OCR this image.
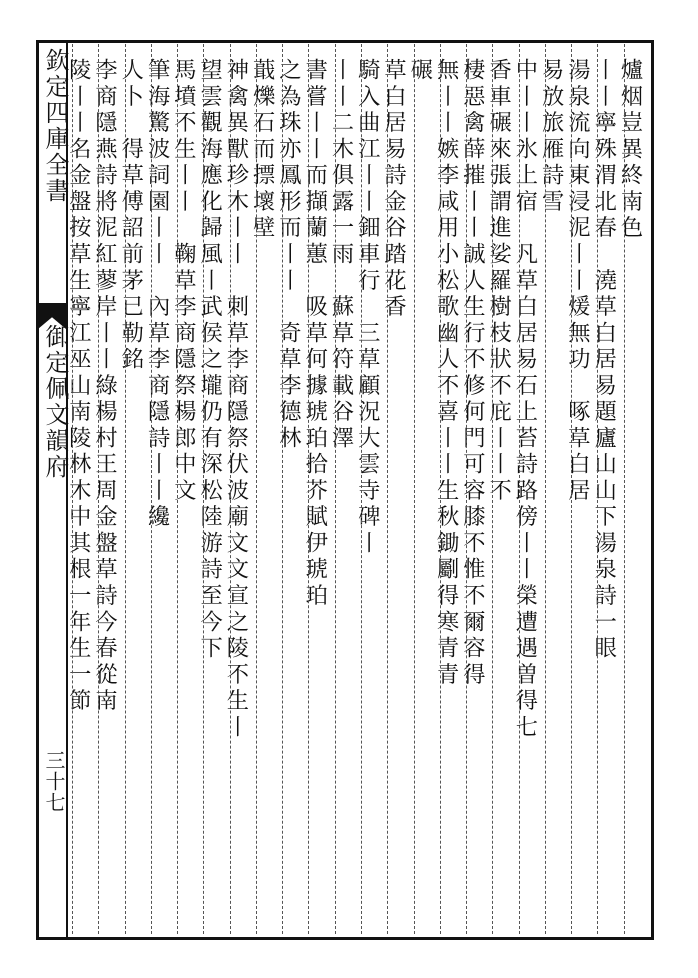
欽定四庫全書  御定佩文韻府
三十七
爐烟豈異終南色
丨丨寧殊渭北春　澆草白居易題廬山山下湯泉詩一眼
湯泉流向東浸泥丨丨煖無功　啄草白居
易放旅雁詩雪
中丨丨氷上宿　凡草白居易石上苔詩路傍丨丨榮遭遇曽得七
香車碾來張謂進娑羅樹枝狀不庇丨丨不
棲惡禽薛摧丨丨誠人生行不修何門可容膝不惟不爾容得
無丨丨嫉李咸用小松歌幽人不喜丨丨生秋鋤劚得寒青青
碾
草白居易詩金谷踏花香
騎入曲江丨丨鈿車行　三草顧況大雲寺碑丨
丨丨二木俱露一雨　蘇草符載谷澤
書嘗丨丨而擷蘭蕙　吸草何據琥珀拾芥賦伊琥珀
之為珠亦鳳形而丨丨　奇草李德林
蕺爍石而摽壞壁
神禽異獸珍木丨丨　刺草李商隱祭伏波廟文文宣之陵不生丨
望雲觀海應化歸風丨武侯之壠仍有深松陸游詩至今下
馬墳不生丨丨　鞠草李商隱祭楊郎中文
筆海驚波詞園丨丨　內草李商隱詩丨丨纔
人卜　得草傅詔前茅已勒銘
李商隱燕詩將泥紅蓼岸丨丨綠楊村王周金盤草詩今春從南
陵丨丨名金盤按草生寧江巫山南陵林木中其根一年生一節
